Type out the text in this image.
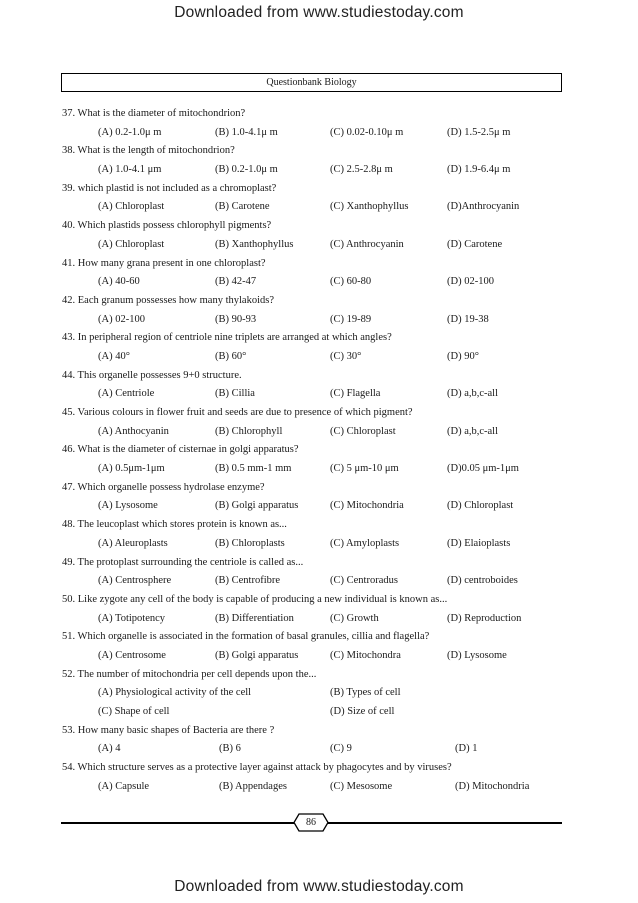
Downloaded from www.studiestoday.com
Questionbank Biology
37. What is the diameter of mitochondrion?
(A) 0.2-1.0μ m	(B) 1.0-4.1μ m	(C) 0.02-0.10μ m	(D) 1.5-2.5μ m
38. What is the length of mitochondrion?
(A) 1.0-4.1 μm	(B) 0.2-1.0μ m	(C) 2.5-2.8μ m	(D) 1.9-6.4μ m
39. which plastid is not included as a chromoplast?
(A) Chloroplast	(B) Carotene	(C) Xanthophyllus	(D)Anthrocyanin
40. Which plastids possess chlorophyll pigments?
(A) Chloroplast	(B) Xanthophyllus	(C) Anthrocyanin	(D) Carotene
41. How many grana present in one chloroplast?
(A) 40-60	(B) 42-47	(C) 60-80	(D) 02-100
42. Each granum possesses how many thylakoids?
(A) 02-100	(B) 90-93	(C) 19-89	(D) 19-38
43. In peripheral region of centriole nine triplets are arranged at which angles?
(A) 40°	(B) 60°	(C) 30°	(D) 90°
44. This organelle possesses 9+0 structure.
(A) Centriole	(B) Cillia	(C) Flagella	(D) a,b,c-all
45. Various colours in flower fruit and seeds are due to presence of which pigment?
(A) Anthocyanin	(B) Chlorophyll	(C) Chloroplast	(D) a,b,c-all
46. What is the diameter of cisternae in golgi apparatus?
(A) 0.5μm-1μm	(B) 0.5 mm-1 mm	(C) 5 μm-10 μm	(D)0.05 μm-1μm
47. Which organelle possess hydrolase enzyme?
(A) Lysosome	(B) Golgi apparatus	(C) Mitochondria	(D) Chloroplast
48. The leucoplast which stores protein is known as...
(A) Aleuroplasts	(B) Chloroplasts	(C) Amyloplasts	(D) Elaioplasts
49. The protoplast surrounding the centriole is called as...
(A) Centrosphere	(B) Centrofibre	(C) Centroradus	(D) centroboides
50. Like zygote any cell of the body is capable of producing a new individual is known as...
(A) Totipotency	(B) Differentiation	(C) Growth	(D) Reproduction
51. Which organelle is associated in the formation of basal granules, cillia and flagella?
(A) Centrosome	(B) Golgi apparatus	(C) Mitochondra	(D) Lysosome
52. The number of mitochondria per cell depends upon the...
(A) Physiological activity of the cell	(B) Types of cell
(C) Shape of cell	(D) Size of cell
53. How many basic shapes of Bacteria are there ?
(A) 4	(B) 6	(C) 9	(D) 1
54. Which structure serves as a protective layer against attack by phagocytes and by viruses?
(A) Capsule	(B) Appendages	(C) Mesosome	(D) Mitochondria
86
Downloaded from www.studiestoday.com
